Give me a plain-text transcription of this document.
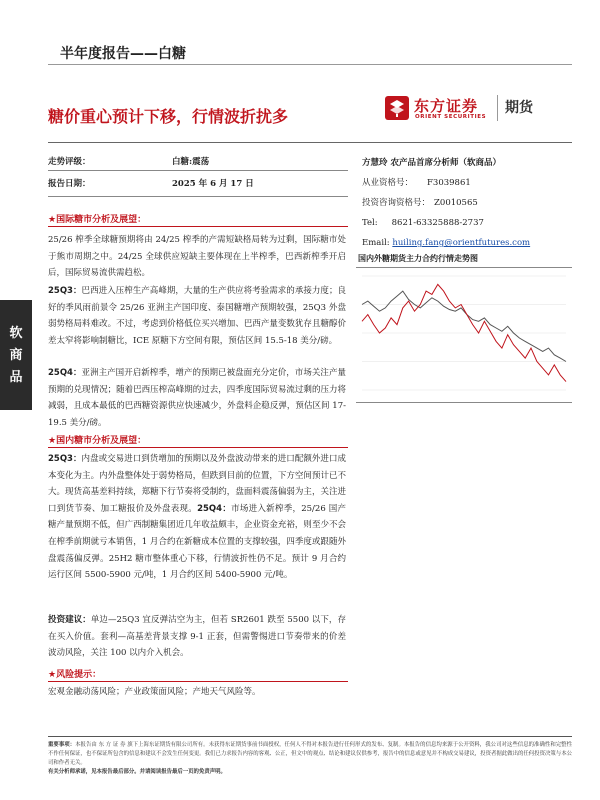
半年度报告——白糖
糖价重心预计下移，行情波折扰多
东方证券
ORIENT SECURITIES
期货
软
商
品
走势评级：	白糖:震荡
报告日期：	2025 年 6 月 17 日
方慧玲 农产品首席分析师（软商品）
从业资格号： F3039861
投资咨询资格号： Z0010565
Tel: 8621-63325888-2737
Email: huiling.fang@orientfutures.com
国内外糖期货主力合约行情走势图
★国际糖市分析及展望：
25/26 榨季全球糖预期将由 24/25 榨季的产需短缺格局转为过剩，国际糖市处于熊市周期之中。24/25 全球供应短缺主要体现在上半榨季，巴西新榨季开启后，国际贸易流供需趋松。
25Q3：巴西进入压榨生产高峰期，大量的生产供应将考验需求的承接力度；良好的季风雨前景令 25/26 亚洲主产国印度、泰国糖增产预期较强，25Q3 外盘弱势格局料难改。不过，考虑到价格低位买兴增加、巴西产量变数犹存且糖醇价差太窄将影响制糖比，ICE 原糖下方空间有限，预估区间 15.5-18 美分/磅。
25Q4：亚洲主产国开启新榨季，增产的预期已被盘面充分定价，市场关注产量预期的兑现情况；随着巴西压榨高峰期的过去，四季度国际贸易流过剩的压力将减弱，且成本最低的巴西糖资源供应快速减少，外盘料企稳反弹，预估区间 17-19.5 美分/磅。
★国内糖市分析及展望：
25Q3：内盘或交易进口到货增加的预期以及外盘波动带来的进口配额外进口成本变化为主。内外盘整体处于弱势格局，但跌到目前的位置，下方空间预计已不大。现货高基差料持续，郑糖下行节奏将受制约，盘面料震荡偏弱为主，关注进口到货节奏、加工糖报价及外盘表现。25Q4：市场进入新榨季，25/26 国产糖产量预期不低，但广西制糖集团近几年收益颇丰，企业资金充裕，则至少不会在榨季前期就亏本销售，1 月合约在新糖成本位置的支撑较强，四季度或跟随外盘震荡偏反弹。25H2 糖市整体重心下移，行情波折性仍不足。预计 9 月合约运行区间 5500-5900 元/吨，1 月合约区间 5400-5900 元/吨。
投资建议：单边—25Q3 宜反弹沽空为主，但若 SR2601 跌至 5500 以下，存在买入价值。套利—高基差背景支撑 9-1 正套，但需警惕进口节奏带来的价差波动风险，关注 100 以内介入机会。
★风险提示：
宏观金融动荡风险；产业政策面风险；产地天气风险等。
重要事项：本报告由 东 方 证 券 旗下上海东证期货有限公司所有。未获得东证期货事前书面授权，任何人不得对本报告进行任何形式的发布、复制。本报告的信息均来源于公开资料，我公司对这些信息的准确性和完整性不作任何保证，也不保证所包含的信息和建议不会发生任何变更。我们已力求报告内容的客观、公正，但文中的观点、结论和建议仅供参考，报告中的信息或意见并不构成交易建议，投资者据此做出的任何投资决策与本公司和作者无关。
有关分析师承诺，见本报告最后部分。并请阅读报告最后一页的免责声明。
